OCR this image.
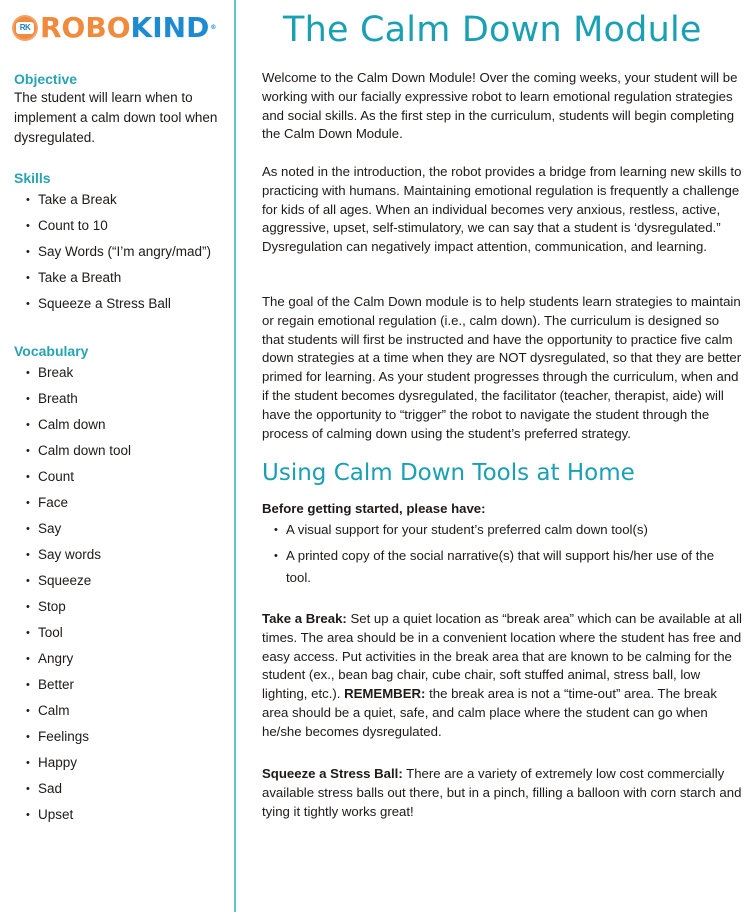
RK ROBOKIND®
Objective

The student will learn when to implement a calm down tool when dysregulated.

Skills
• Take a Break
• Count to 10
• Say Words (“I’m angry/mad”)
• Take a Breath
• Squeeze a Stress Ball
Vocabulary
• Break
• Breath
• Calm down
• Calm down tool
• Count
• Face
• Say
• Say words
• Squeeze
• Stop
• Tool
• Angry
• Better
• Calm
• Feelings
• Happy
• Sad
• Upset
The Calm Down Module

Welcome to the Calm Down Module! Over the coming weeks, your student will be working with our facially expressive robot to learn emotional regulation strategies and social skills. As the first step in the curriculum, students will begin completing the Calm Down Module.

As noted in the introduction, the robot provides a bridge from learning new skills to practicing with humans. Maintaining emotional regulation is frequently a challenge for kids of all ages. When an individual becomes very anxious, restless, active, aggressive, upset, self-stimulatory, we can say that a student is ‘dysregulated.” Dysregulation can negatively impact attention, communication, and learning.

The goal of the Calm Down module is to help students learn strategies to maintain or regain emotional regulation (i.e., calm down). The curriculum is designed so that students will first be instructed and have the opportunity to practice five calm down strategies at a time when they are NOT dysregulated, so that they are better primed for learning. As your student progresses through the curriculum, when and if the student becomes dysregulated, the facilitator (teacher, therapist, aide) will have the opportunity to “trigger” the robot to navigate the student through the process of calming down using the student’s preferred strategy.

Using Calm Down Tools at Home

Before getting started, please have:

• A visual support for your student’s preferred calm down tool(s)
• A printed copy of the social narrative(s) that will support his/her use of the tool.

Take a Break: Set up a quiet location as “break area” which can be available at all times. The area should be in a convenient location where the student has free and easy access. Put activities in the break area that are known to be calming for the student (ex., bean bag chair, cube chair, soft stuffed animal, stress ball, low lighting, etc.). REMEMBER: the break area is not a “time-out” area. The break area should be a quiet, safe, and calm place where the student can go when he/she becomes dysregulated.

Squeeze a Stress Ball: There are a variety of extremely low cost commercially available stress balls out there, but in a pinch, filling a balloon with corn starch and tying it tightly works great!
